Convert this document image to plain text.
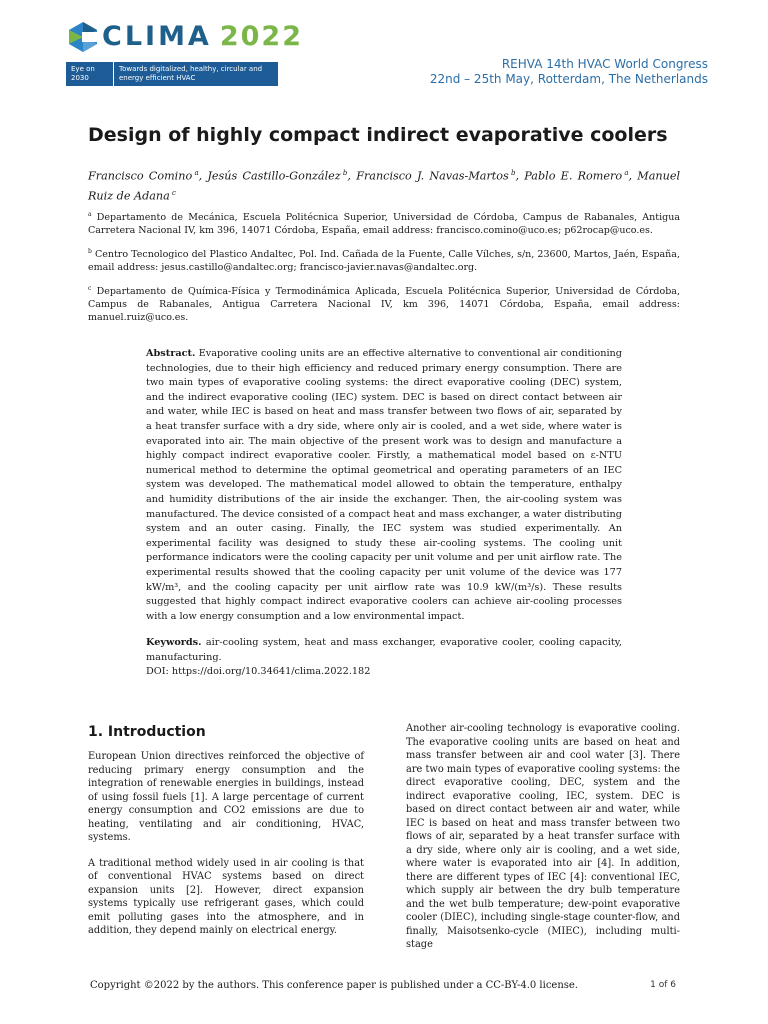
CLIMA 2022
Eye on 2030
Towards digitalized, healthy, circular and energy efficient HVAC
REHVA 14th HVAC World Congress
22nd – 25th May, Rotterdam, The Netherlands
Design of highly compact indirect evaporative coolers
Francisco Comino  $^a$, Jesús Castillo-González  $^b$, Francisco J. Navas-Martos  $^b$, Pablo E. Romero  $^a$, Manuel Ruiz de Adana  $^c$

$^a$ Departamento de Mecánica, Escuela Politécnica Superior, Universidad de Córdoba, Campus de Rabanales, Antigua Carretera Nacional IV, km 396, 14071 Córdoba, España, email address: francisco.comino@uco.es; p62rocap@uco.es.

$^b$ Centro Tecnologico del Plastico Andaltec, Pol. Ind. Cañada de la Fuente, Calle Vílches, s/n, 23600, Martos, Jaén, España, email address: jesus.castillo@andaltec.org; francisco-javier.navas@andaltec.org.

$^c$ Departamento de Química-Física y Termodinámica Aplicada, Escuela Politécnica Superior, Universidad de Córdoba, Campus de Rabanales, Antigua Carretera Nacional IV, km 396, 14071 Córdoba, España, email address: manuel.ruiz@uco.es.

Abstract. Evaporative cooling units are an effective alternative to conventional air conditioning technologies, due to their high efficiency and reduced primary energy consumption. There are two main types of evaporative cooling systems: the direct evaporative cooling (DEC) system, and the indirect evaporative cooling (IEC) system. DEC is based on direct contact between air and water, while IEC is based on heat and mass transfer between two flows of air, separated by a heat transfer surface with a dry side, where only air is cooled, and a wet side, where water is evaporated into air. The main objective of the present work was to design and manufacture a highly compact indirect evaporative cooler. Firstly, a mathematical model based on ε-NTU numerical method to determine the optimal geometrical and operating parameters of an IEC system was developed. The mathematical model allowed to obtain the temperature, enthalpy and humidity distributions of the air inside the exchanger. Then, the air-cooling system was manufactured. The device consisted of a compact heat and mass exchanger, a water distributing system and an outer casing. Finally, the IEC system was studied experimentally. An experimental facility was designed to study these air-cooling systems. The cooling unit performance indicators were the cooling capacity per unit volume and per unit airflow rate. The experimental results showed that the cooling capacity per unit volume of the device was 177 kW/m³, and the cooling capacity per unit airflow rate was 10.9 kW/(m³/s). These results suggested that highly compact indirect evaporative coolers can achieve air-cooling processes with a low energy consumption and a low environmental impact.

Keywords. air-cooling system, heat and mass exchanger, evaporative cooler, cooling capacity, manufacturing.

DOI: https://doi.org/10.34641/clima.2022.182

1. Introduction

European Union directives reinforced the objective of reducing primary energy consumption and the integration of renewable energies in buildings, instead of using fossil fuels [1]. A large percentage of current energy consumption and CO2 emissions are due to heating, ventilating and air conditioning, HVAC, systems.

A traditional method widely used in air cooling is that of conventional HVAC systems based on direct expansion units [2]. However, direct expansion systems typically use refrigerant gases, which could emit polluting gases into the atmosphere, and in addition, they depend mainly on electrical energy.

Another air-cooling technology is evaporative cooling. The evaporative cooling units are based on heat and mass transfer between air and cool water [3]. There are two main types of evaporative cooling systems: the direct evaporative cooling, DEC, system and the indirect evaporative cooling, IEC, system. DEC is based on direct contact between air and water, while IEC is based on heat and mass transfer between two flows of air, separated by a heat transfer surface with a dry side, where only air is cooling, and a wet side, where water is evaporated into air [4]. In addition, there are different types of IEC [4]: conventional IEC, which supply air between the dry bulb temperature and the wet bulb temperature; dew-point evaporative cooler (DIEC), including single-stage counter-flow, and finally, Maisotsenko-cycle (MIEC), including multi-stage

Copyright ©2022 by the authors. This conference paper is published under a CC-BY-4.0 license.	1 of 6
